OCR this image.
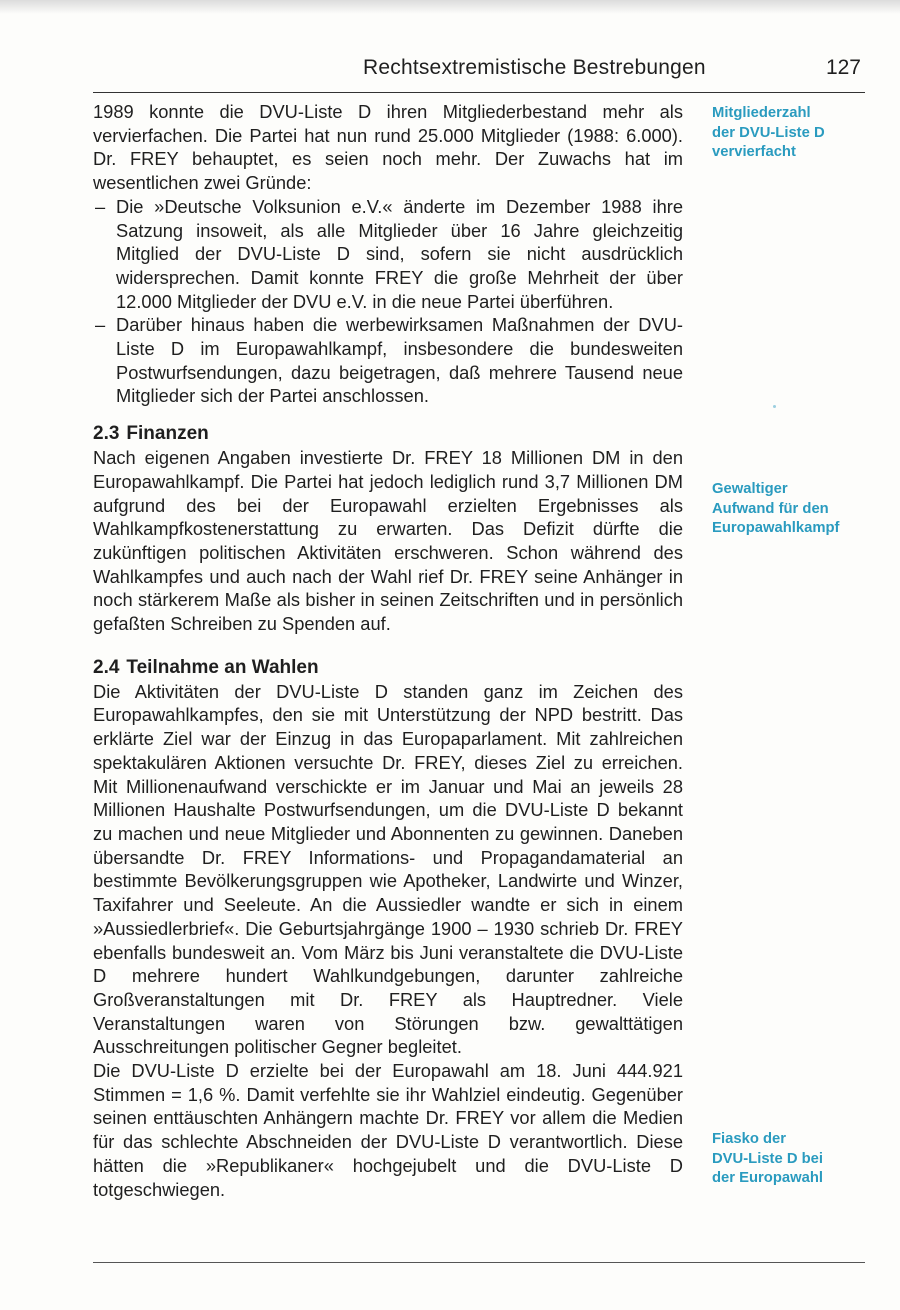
Rechtsextremistische Bestrebungen	127

1989 konnte die DVU-Liste D ihren Mitgliederbestand mehr als vervierfachen. Die Partei hat nun rund 25.000 Mitglieder (1988: 6.000). Dr. FREY behauptet, es seien noch mehr. Der Zuwachs hat im wesentlichen zwei Gründe:

– Die »Deutsche Volksunion e.V.« änderte im Dezember 1988 ihre Satzung insoweit, als alle Mitglieder über 16 Jahre gleichzeitig Mitglied der DVU-Liste D sind, sofern sie nicht ausdrücklich widersprechen. Damit konnte FREY die große Mehrheit der über 12.000 Mitglieder der DVU e.V. in die neue Partei überführen.
– Darüber hinaus haben die werbewirksamen Maßnahmen der DVU-Liste D im Europawahlkampf, insbesondere die bundesweiten Postwurfsendungen, dazu beigetragen, daß mehrere Tausend neue Mitglieder sich der Partei anschlossen.
2.3 Finanzen

Nach eigenen Angaben investierte Dr. FREY 18 Millionen DM in den Europawahlkampf. Die Partei hat jedoch lediglich rund 3,7 Millionen DM aufgrund des bei der Europawahl erzielten Ergebnisses als Wahlkampfkostenerstattung zu erwarten. Das Defizit dürfte die zukünftigen politischen Aktivitäten erschweren. Schon während des Wahlkampfes und auch nach der Wahl rief Dr. FREY seine Anhänger in noch stärkerem Maße als bisher in seinen Zeitschriften und in persönlich gefaßten Schreiben zu Spenden auf.

2.4 Teilnahme an Wahlen

Die Aktivitäten der DVU-Liste D standen ganz im Zeichen des Europawahlkampfes, den sie mit Unterstützung der NPD bestritt. Das erklärte Ziel war der Einzug in das Europaparlament. Mit zahlreichen spektakulären Aktionen versuchte Dr. FREY, dieses Ziel zu erreichen. Mit Millionenaufwand verschickte er im Januar und Mai an jeweils 28 Millionen Haushalte Postwurfsendungen, um die DVU-Liste D bekannt zu machen und neue Mitglieder und Abonnenten zu gewinnen. Daneben übersandte Dr. FREY Informations- und Propagandamaterial an bestimmte Bevölkerungsgruppen wie Apotheker, Landwirte und Winzer, Taxifahrer und Seeleute. An die Aussiedler wandte er sich in einem »Aussiedlerbrief«. Die Geburtsjahrgänge 1900 – 1930 schrieb Dr. FREY ebenfalls bundesweit an. Vom März bis Juni veranstaltete die DVU-Liste D mehrere hundert Wahlkundgebungen, darunter zahlreiche Großveranstaltungen mit Dr. FREY als Hauptredner. Viele Veranstaltungen waren von Störungen bzw. gewalttätigen Ausschreitungen politischer Gegner begleitet.

Die DVU-Liste D erzielte bei der Europawahl am 18. Juni 444.921 Stimmen = 1,6 %. Damit verfehlte sie ihr Wahlziel eindeutig. Gegenüber seinen enttäuschten Anhängern machte Dr. FREY vor allem die Medien für das schlechte Abschneiden der DVU-Liste D verantwortlich. Diese hätten die »Republikaner« hochgejubelt und die DVU-Liste D totgeschwiegen.

Mitgliederzahl
der DVU-Liste D
vervierfacht
Gewaltiger
Aufwand für den
Europawahlkampf
Fiasko der
DVU-Liste D bei
der Europawahl
